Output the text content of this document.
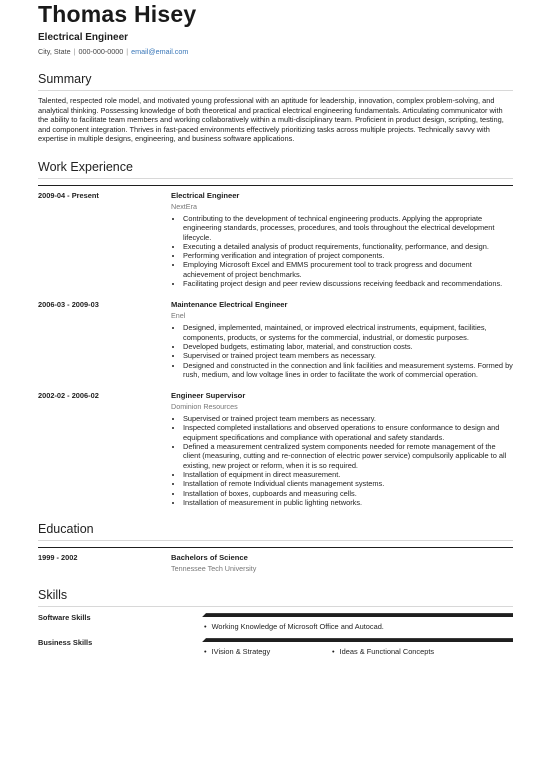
Thomas Hisey
Electrical Engineer
City, State | 000-000-0000 | email@email.com
Summary
Talented, respected role model, and motivated young professional with an aptitude for leadership, innovation, complex problem-solving, and analytical thinking. Possessing knowledge of both theoretical and practical electrical engineering fundamentals. Articulating communicator with the ability to facilitate team members and working collaboratively within a multi-disciplinary team. Proficient in product design, scripting, testing, and component integration. Thrives in fast-paced environments effectively prioritizing tasks across multiple projects. Technically savvy with expertise in multiple designs, engineering, and business software applications.
Work Experience
2009-04 - Present	Electrical Engineer
NextEra
• Contributing to the development of technical engineering products. Applying the appropriate engineering standards, processes, procedures, and tools throughout the electrical development lifecycle.
• Executing a detailed analysis of product requirements, functionality, performance, and design.
• Performing verification and integration of project components.
• Employing Microsoft Excel and EMMS procurement tool to track progress and document achievement of project benchmarks.
• Facilitating project design and peer review discussions receiving feedback and recommendations.
2006-03 - 2009-03	Maintenance Electrical Engineer
Enel
• Designed, implemented, maintained, or improved electrical instruments, equipment, facilities, components, products, or systems for the commercial, industrial, or domestic purposes.
• Developed budgets, estimating labor, material, and construction costs.
• Supervised or trained project team members as necessary.
• Designed and constructed in the connection and link facilities and measurement systems. Formed by rush, medium, and low voltage lines in order to facilitate the work of commercial operation.
2002-02 - 2006-02	Engineer Supervisor
Dominion Resources
• Supervised or trained project team members as necessary.
• Inspected completed installations and observed operations to ensure conformance to design and equipment specifications and compliance with operational and safety standards.
• Defined a measurement centralized system components needed for remote management of the client (measuring, cutting and re-connection of electric power service) compulsorily applicable to all existing, new project or reform, when it is so required.
• Installation of equipment in direct measurement.
• Installation of remote Individual clients management systems.
• Installation of boxes, cupboards and measuring cells.
• Installation of measurement in public lighting networks.
Education
1999 - 2002	Bachelors of Science
Tennessee Tech University
Skills
Software Skills
• Working Knowledge of Microsoft Office and Autocad.
Business Skills
• IVision & Strategy	• Ideas & Functional Concepts
